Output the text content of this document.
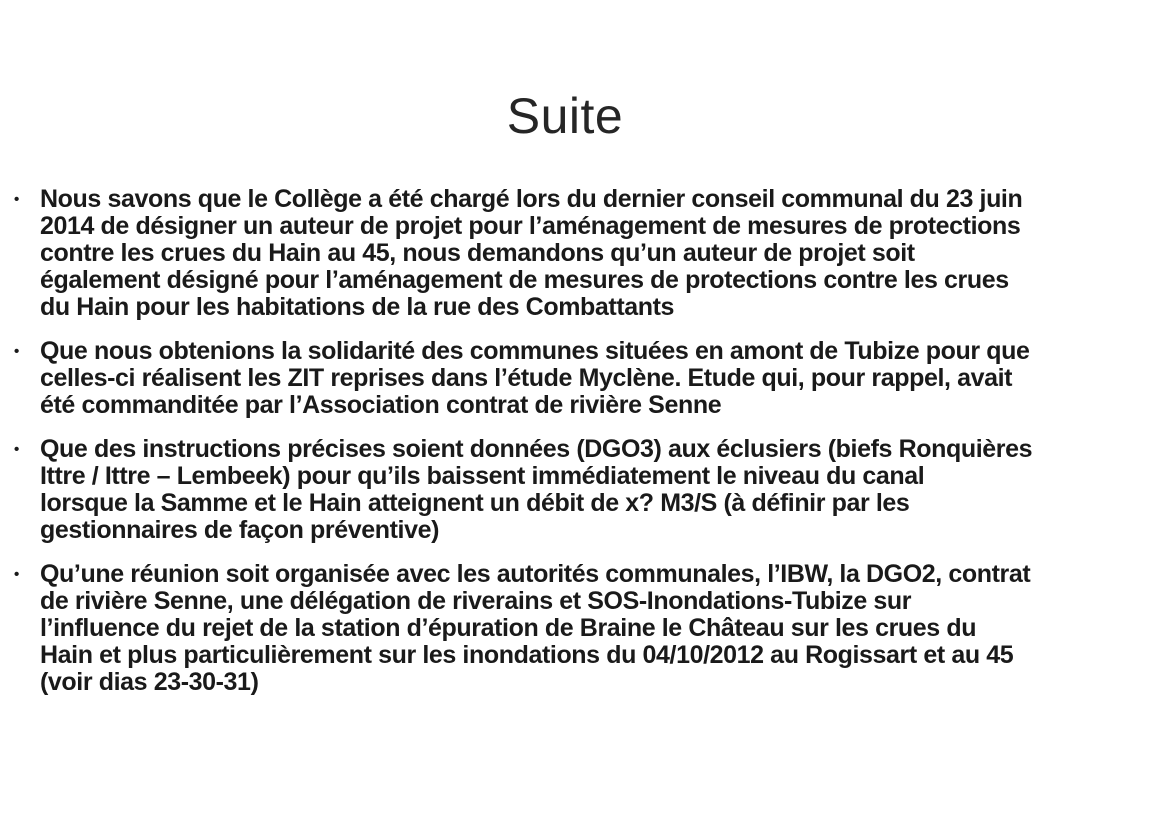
Suite
• Nous savons que le Collège a été chargé lors du dernier conseil communal du 23 juin
2014 de désigner un auteur de projet pour l’aménagement de mesures de protections
contre les crues du Hain au 45, nous demandons qu’un auteur de projet soit
également désigné pour l’aménagement de mesures de protections contre les crues
du Hain pour les habitations de la rue des Combattants
• Que nous obtenions la solidarité des communes situées en amont de Tubize pour que
celles-ci réalisent les ZIT reprises dans l’étude Myclène. Etude qui, pour rappel, avait
été commanditée par l’Association contrat de rivière Senne
• Que des instructions précises soient données (DGO3) aux éclusiers (biefs Ronquières
Ittre / Ittre – Lembeek) pour qu’ils baissent immédiatement le niveau du canal
lorsque la Samme et le Hain atteignent un débit de x? M3/S (à définir par les
gestionnaires de façon préventive)
• Qu’une réunion soit organisée avec les autorités communales, l’IBW, la DGO2, contrat
de rivière Senne, une délégation de riverains et SOS-Inondations-Tubize sur
l’influence du rejet de la station d’épuration de Braine le Château sur les crues du
Hain et plus particulièrement sur les inondations du 04/10/2012 au Rogissart et au 45
(voir dias 23-30-31)
